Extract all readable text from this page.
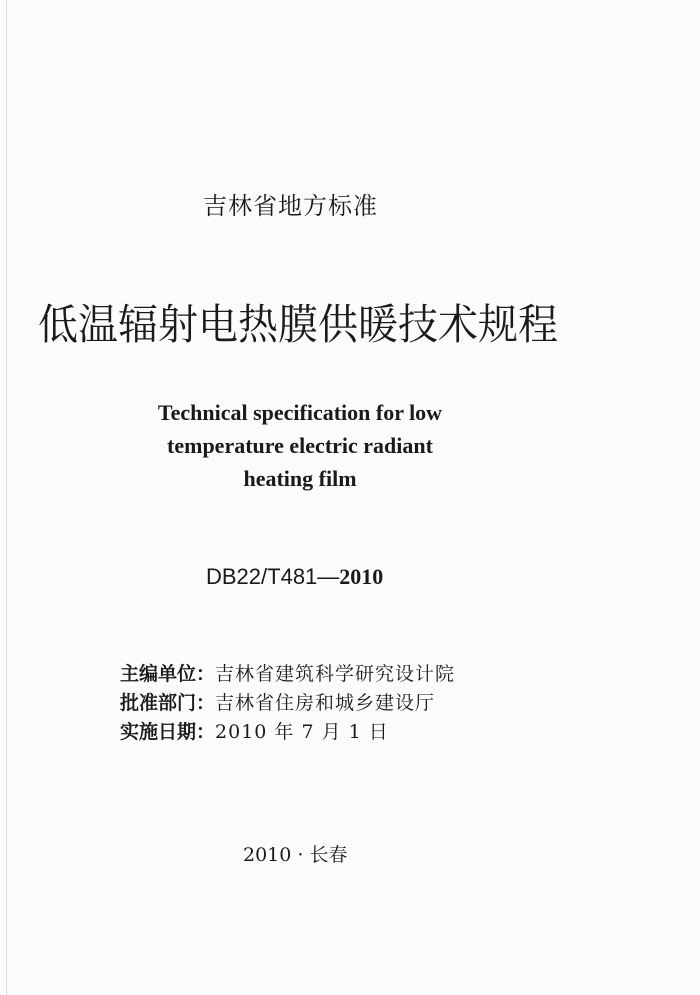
吉林省地方标准
低温辐射电热膜供暖技术规程
Technical specification for low
temperature electric radiant
heating film
DB22/T481—2010
主编单位：吉林省建筑科学研究设计院
批准部门：吉林省住房和城乡建设厅
实施日期：2010 年 7 月 1 日
2010 · 长春
